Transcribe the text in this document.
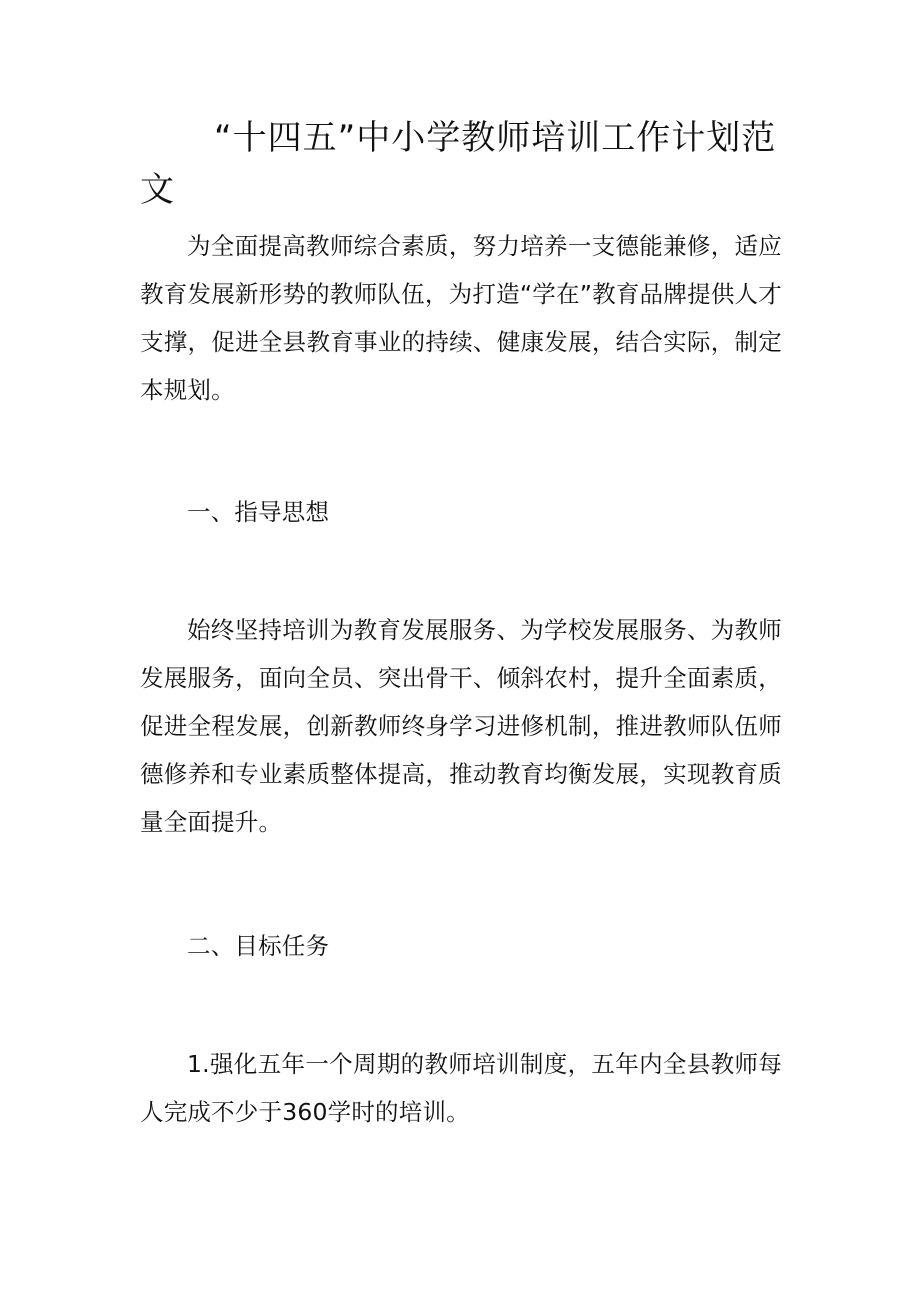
“十四五”中小学教师培训工作计划范文

为全面提高教师综合素质，努力培养一支德能兼修，适应教育发展新形势的教师队伍，为打造“学在”教育品牌提供人才支撑，促进全县教育事业的持续、健康发展，结合实际，制定本规划。

一、指导思想

始终坚持培训为教育发展服务、为学校发展服务、为教师发展服务，面向全员、突出骨干、倾斜农村，提升全面素质，促进全程发展，创新教师终身学习进修机制，推进教师队伍师德修养和专业素质整体提高，推动教育均衡发展，实现教育质量全面提升。

二、目标任务

1.强化五年一个周期的教师培训制度，五年内全县教师每人完成不少于360学时的培训。
